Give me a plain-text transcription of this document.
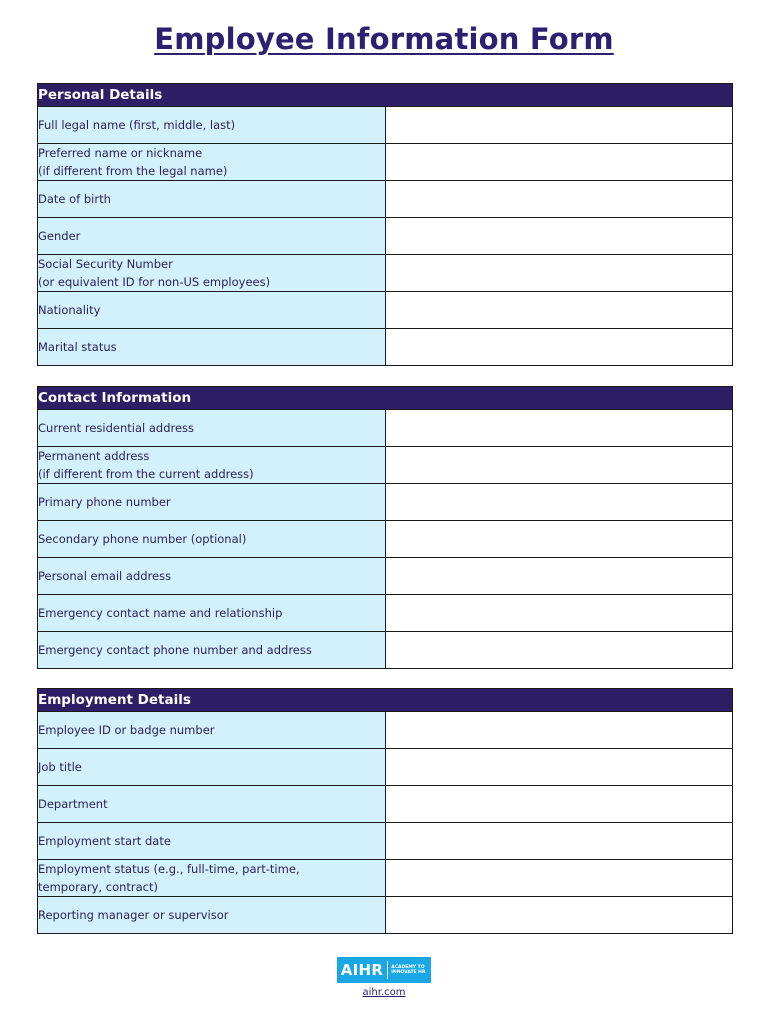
Employee Information Form
Personal Details	
Full legal name (first, middle, last)	
Preferred name or nickname
(if different from the legal name)	
Date of birth	
Gender	
Social Security Number
(or equivalent ID for non-US employees)	
Nationality	
Marital status	
Contact Information	
Current residential address	
Permanent address
(if different from the current address)	
Primary phone number	
Secondary phone number (optional)	
Personal email address	
Emergency contact name and relationship	
Emergency contact phone number and address	
Employment Details	
Employee ID or badge number	
Job title	
Department	
Employment start date	
Employment status (e.g., full-time, part-time,
temporary, contract)	
Reporting manager or supervisor	
AIHR	ACADEMY TO
INNOVATE HR
aihr.com
